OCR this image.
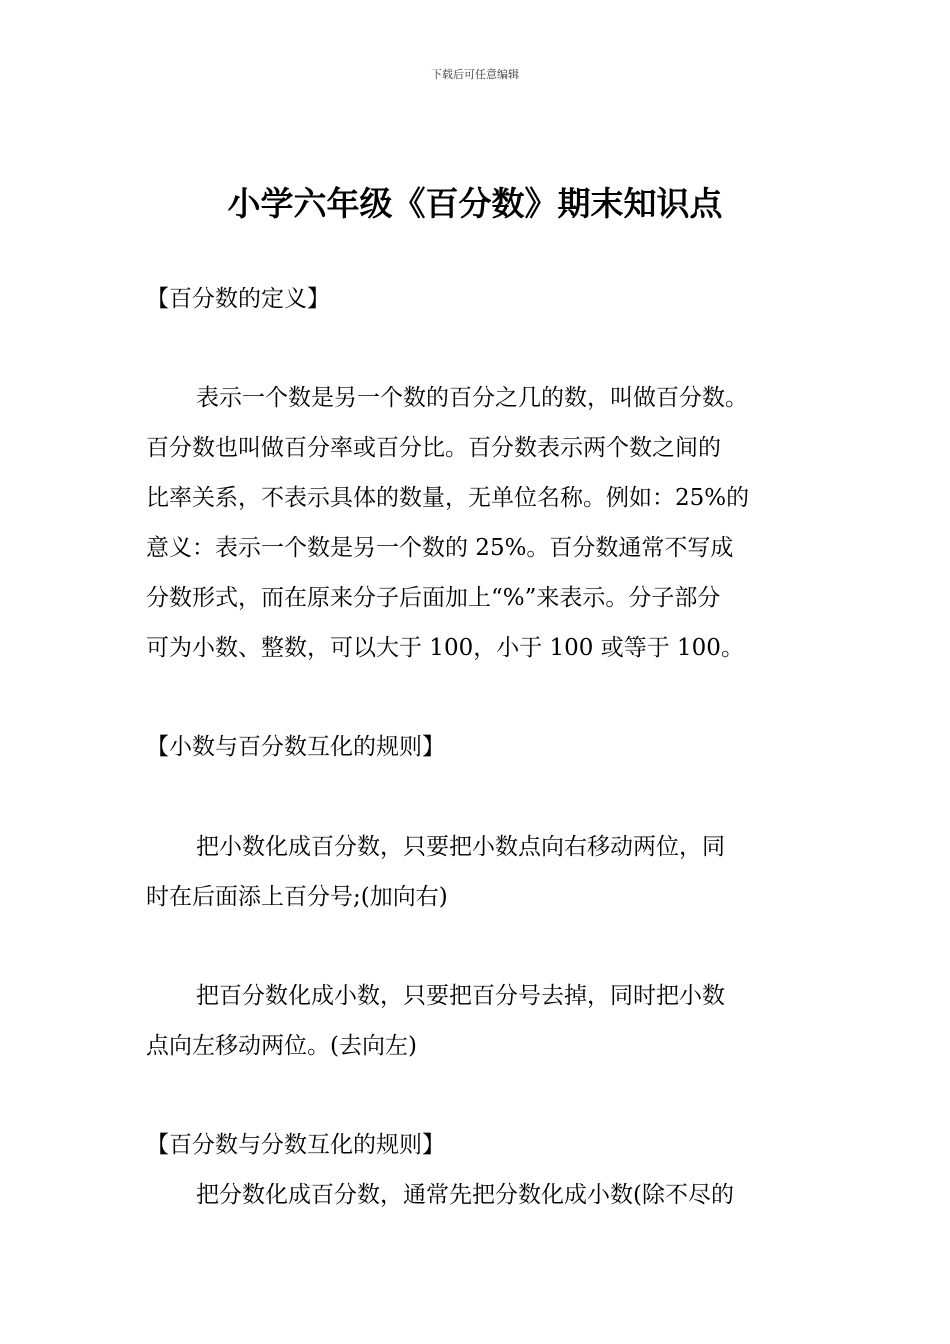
下载后可任意编辑
小学六年级《百分数》期末知识点
【百分数的定义】
表示一个数是另一个数的百分之几的数，叫做百分数。
百分数也叫做百分率或百分比。百分数表示两个数之间的
比率关系，不表示具体的数量，无单位名称。例如：25%的
意义：表示一个数是另一个数的 25%。百分数通常不写成
分数形式，而在原来分子后面加上“%”来表示。分子部分
可为小数、整数，可以大于 100，小于 100 或等于 100。
【小数与百分数互化的规则】
把小数化成百分数，只要把小数点向右移动两位，同
时在后面添上百分号;(加向右)
把百分数化成小数，只要把百分号去掉，同时把小数
点向左移动两位。(去向左)
【百分数与分数互化的规则】
把分数化成百分数，通常先把分数化成小数(除不尽的
